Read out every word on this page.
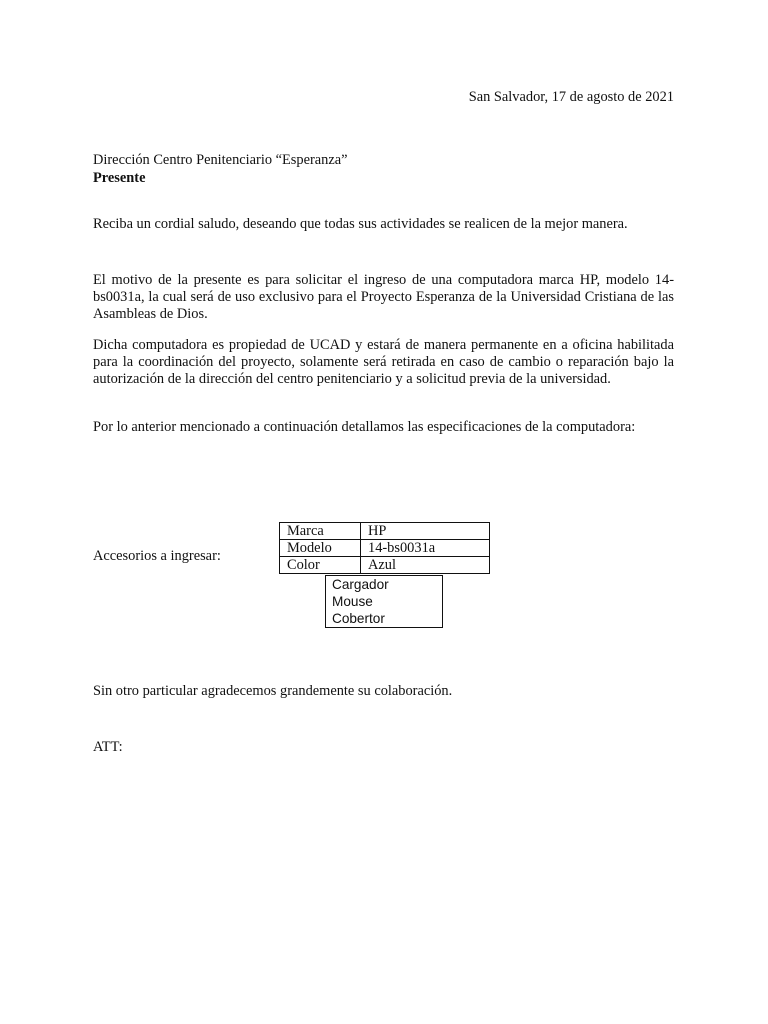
San Salvador, 17 de agosto de 2021
Dirección Centro Penitenciario “Esperanza”
Presente
Reciba un cordial saludo, deseando que todas sus actividades se realicen de la mejor manera.
El motivo de la presente es para solicitar el ingreso de una computadora marca HP, modelo 14-bs0031a, la cual será de uso exclusivo para el Proyecto Esperanza de la Universidad Cristiana de las Asambleas de Dios.
Dicha computadora es propiedad de UCAD y estará de manera permanente en a oficina habilitada para la coordinación del proyecto, solamente será retirada en caso de cambio o reparación bajo la autorización de la dirección del centro penitenciario y a solicitud previa de la universidad.
Por lo anterior mencionado a continuación detallamos las especificaciones de la computadora:
Accesorios a ingresar:
Marca	HP
Modelo	14-bs0031a
Color	Azul
Cargador
Mouse
Cobertor
Sin otro particular agradecemos grandemente su colaboración.
ATT:
